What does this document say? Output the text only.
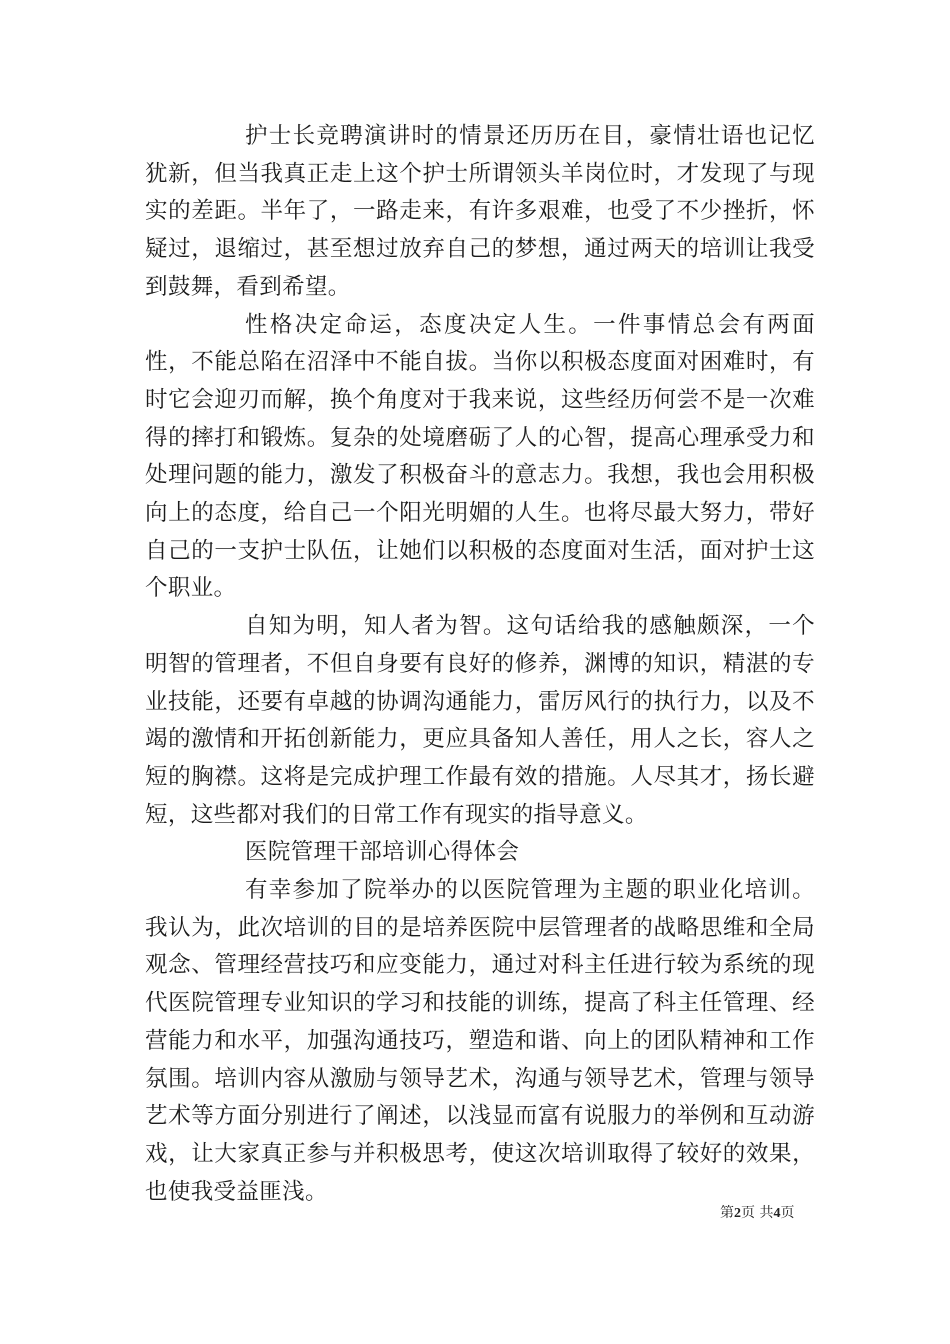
护士长竞聘演讲时的情景还历历在目，豪情壮语也记忆犹新，但当我真正走上这个护士所谓领头羊岗位时，才发现了与现实的差距。半年了，一路走来，有许多艰难，也受了不少挫折，怀疑过，退缩过，甚至想过放弃自己的梦想，通过两天的培训让我受到鼓舞，看到希望。

性格决定命运，态度决定人生。一件事情总会有两面性，不能总陷在沼泽中不能自拔。当你以积极态度面对困难时，有时它会迎刃而解，换个角度对于我来说，这些经历何尝不是一次难得的摔打和锻炼。复杂的处境磨砺了人的心智，提高心理承受力和处理问题的能力，激发了积极奋斗的意志力。我想，我也会用积极向上的态度，给自己一个阳光明媚的人生。也将尽最大努力，带好自己的一支护士队伍，让她们以积极的态度面对生活，面对护士这个职业。

自知为明，知人者为智。这句话给我的感触颇深，一个明智的管理者，不但自身要有良好的修养，渊博的知识，精湛的专业技能，还要有卓越的协调沟通能力，雷厉风行的执行力，以及不竭的激情和开拓创新能力，更应具备知人善任，用人之长，容人之短的胸襟。这将是完成护理工作最有效的措施。人尽其才，扬长避短，这些都对我们的日常工作有现实的指导意义。

医院管理干部培训心得体会

有幸参加了院举办的以医院管理为主题的职业化培训。我认为，此次培训的目的是培养医院中层管理者的战略思维和全局观念、管理经营技巧和应变能力，通过对科主任进行较为系统的现代医院管理专业知识的学习和技能的训练，提高了科主任管理、经营能力和水平，加强沟通技巧，塑造和谐、向上的团队精神和工作氛围。培训内容从激励与领导艺术，沟通与领导艺术，管理与领导艺术等方面分别进行了阐述，以浅显而富有说服力的举例和互动游戏，让大家真正参与并积极思考，使这次培训取得了较好的效果，也使我受益匪浅。

第2页 共4页
